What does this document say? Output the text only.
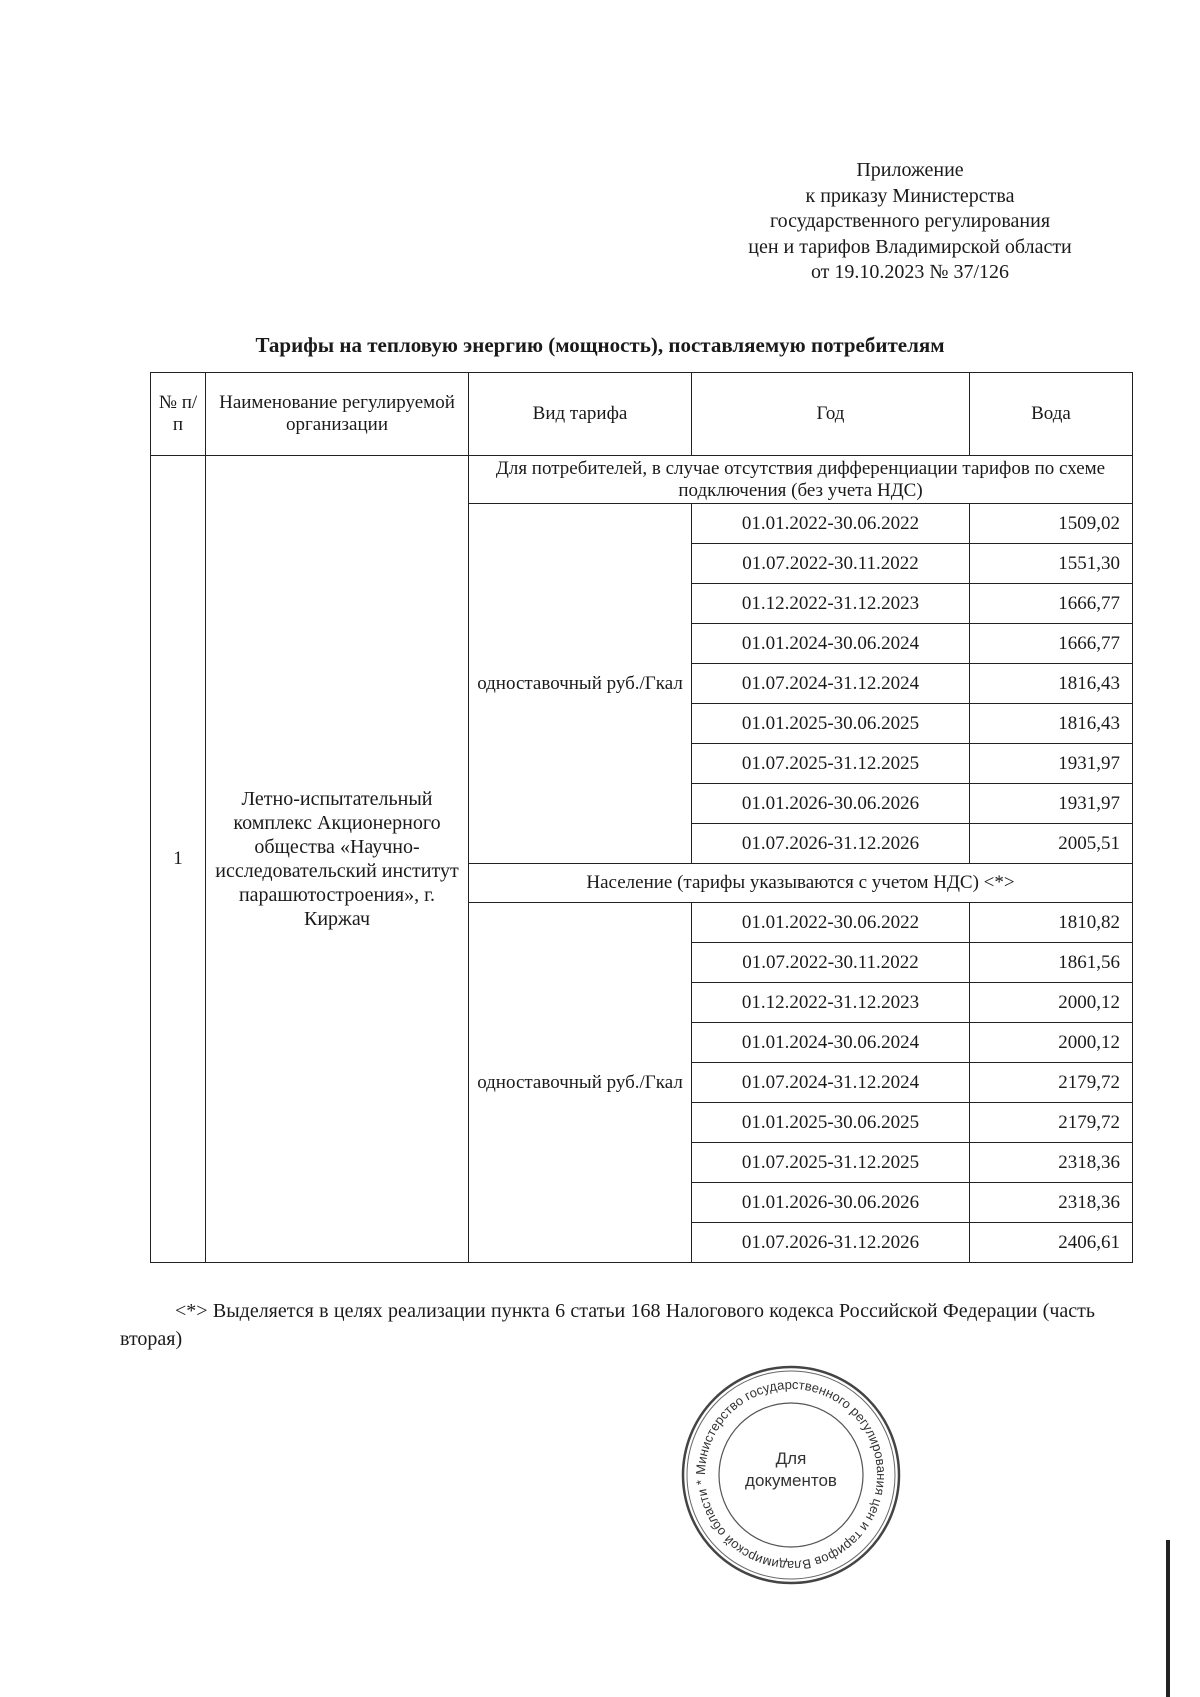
Приложение
к приказу Министерства
государственного регулирования
цен и тарифов Владимирской области
от 19.10.2023 № 37/126
Тарифы на тепловую энергию (мощность), поставляемую потребителям
№ п/п	Наименование регулируемой организации	Вид тарифа	Год	Вода
1	Летно-испытательный комплекс Акционерного общества «Научно-исследовательский институт парашютостроения», г. Киржач	Для потребителей, в случае отсутствия дифференциации тарифов по схеме подключения (без учета НДС)		
		одноставочный руб./Гкал	01.01.2022-30.06.2022	1509,02
			01.07.2022-30.11.2022	1551,30
			01.12.2022-31.12.2023	1666,77
			01.01.2024-30.06.2024	1666,77
			01.07.2024-31.12.2024	1816,43
			01.01.2025-30.06.2025	1816,43
			01.07.2025-31.12.2025	1931,97
			01.01.2026-30.06.2026	1931,97
			01.07.2026-31.12.2026	2005,51
		Население (тарифы указываются с учетом НДС) <*>		
		одноставочный руб./Гкал	01.01.2022-30.06.2022	1810,82
			01.07.2022-30.11.2022	1861,56
			01.12.2022-31.12.2023	2000,12
			01.01.2024-30.06.2024	2000,12
			01.07.2024-31.12.2024	2179,72
			01.01.2025-30.06.2025	2179,72
			01.07.2025-31.12.2025	2318,36
			01.01.2026-30.06.2026	2318,36
			01.07.2026-31.12.2026	2406,61
<*> Выделяется в целях реализации пункта 6 статьи 168 Налогового кодекса Российской Федерации (часть вторая)
Министерство государственного регулирования цен и тарифов Владимирской области *
Для
документов
